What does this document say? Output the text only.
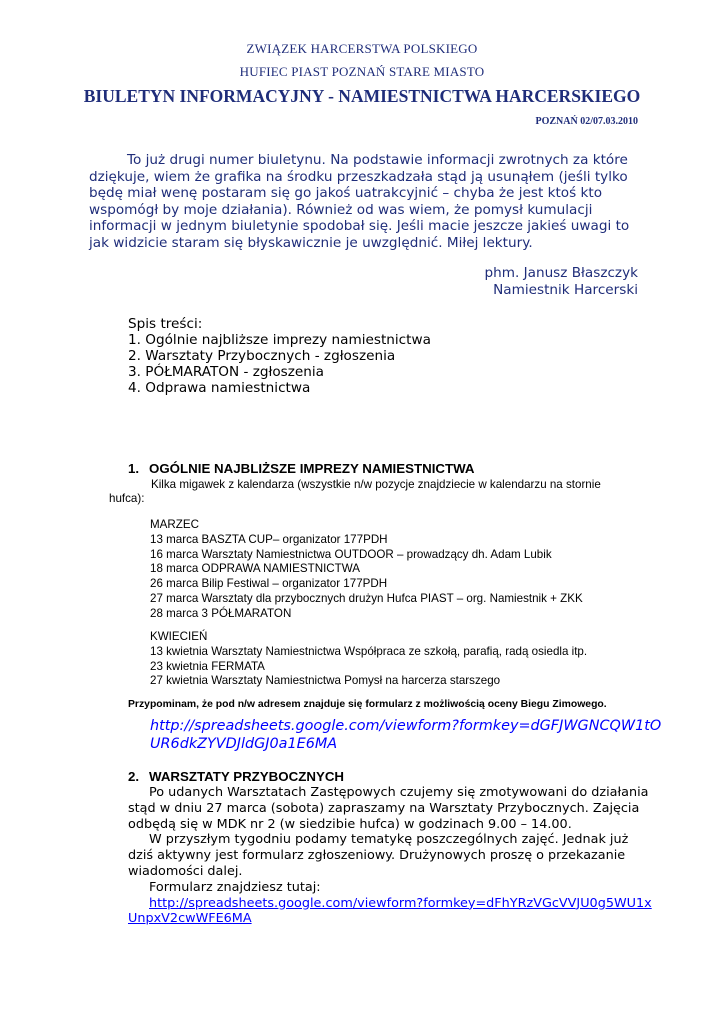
ZWIĄZEK HARCERSTWA POLSKIEGO
HUFIEC PIAST POZNAŃ STARE MIASTO
BIULETYN INFORMACYJNY - NAMIESTNICTWA HARCERSKIEGO
POZNAŃ 02/07.03.2010

To już drugi numer biuletynu. Na podstawie informacji zwrotnych za które dziękuje, wiem że grafika na środku przeszkadzała stąd ją usunąłem (jeśli tylko będę miał wenę postaram się go jakoś uatrakcyjnić – chyba że jest ktoś kto wspomógł by moje działania). Również od was wiem, że pomysł kumulacji informacji w jednym biuletynie spodobał się. Jeśli macie jeszcze jakieś uwagi to jak widzicie staram się błyskawicznie je uwzględnić. Miłej lektury.

phm. Janusz Błaszczyk
Namiestnik Harcerski
Spis treści:
1. Ogólnie najbliższe imprezy namiestnictwa
2. Warsztaty Przybocznych - zgłoszenia
3. PÓŁMARATON - zgłoszenia
4. Odprawa namiestnictwa
1. OGÓLNIE NAJBLIŻSZE IMPREZY NAMIESTNICTWA
Kilka migawek z kalendarza (wszystkie n/w pozycje znajdziecie w kalendarzu na stornie
hufca):
MARZEC
13 marca BASZTA CUP– organizator 177PDH
16 marca Warsztaty Namiestnictwa OUTDOOR – prowadzący dh. Adam Lubik
18 marca ODPRAWA NAMIESTNICTWA
26 marca Bilip Festiwal – organizator 177PDH
27 marca Warsztaty dla przybocznych drużyn Hufca PIAST – org. Namiestnik + ZKK
28 marca 3 PÓŁMARATON
KWIECIEŃ
13 kwietnia Warsztaty Namiestnictwa Współpraca ze szkołą, parafią, radą osiedla itp.
23 kwietnia FERMATA
27 kwietnia Warsztaty Namiestnictwa Pomysł na harcerza starszego
Przypominam, że pod n/w adresem znajduje się formularz z możliwością oceny Biegu Zimowego.
http://spreadsheets.google.com/viewform?formkey=dGFJWGNCQW1tO
UR6dkZYVDJldGJ0a1E6MA
2. WARSZTATY PRZYBOCZNYCH
Po udanych Warsztatach Zastępowych czujemy się zmotywowani do działania
stąd w dniu 27 marca (sobota) zapraszamy na Warsztaty Przybocznych. Zajęcia
odbędą się w MDK nr 2 (w siedzibie hufca) w godzinach 9.00 – 14.00.
W przyszłym tygodniu podamy tematykę poszczególnych zajęć. Jednak już
dziś aktywny jest formularz zgłoszeniowy. Drużynowych proszę o przekazanie
wiadomości dalej.
Formularz znajdziesz tutaj:
http://spreadsheets.google.com/viewform?formkey=dFhYRzVGcVVJU0g5WU1x
UnpxV2cwWFE6MA
